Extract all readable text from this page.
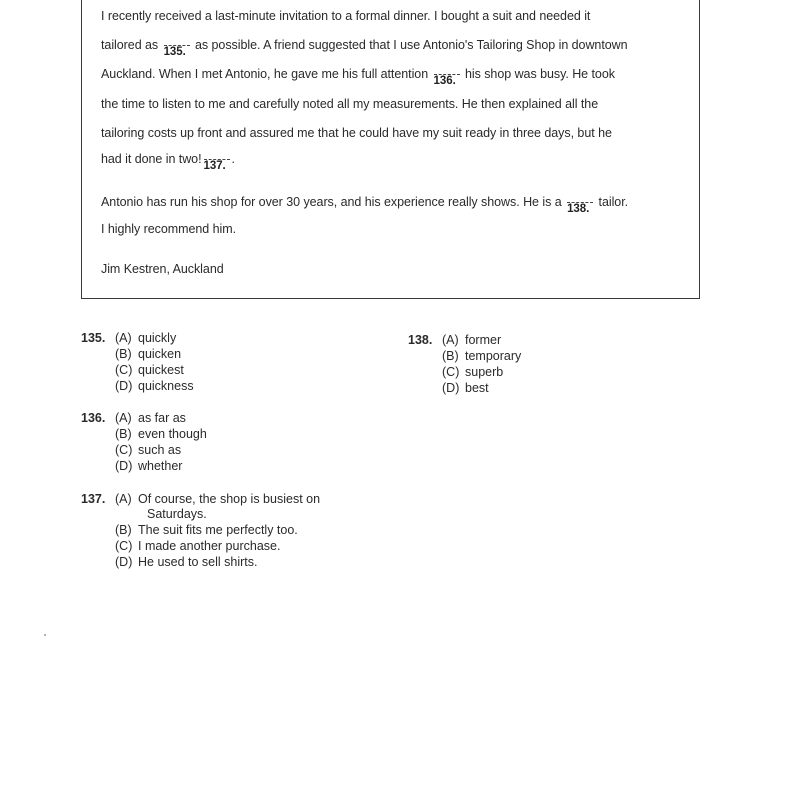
I recently received a last-minute invitation to a formal dinner. I bought a suit and needed it
tailored as 135. as possible. A friend suggested that I use Antonio's Tailoring Shop in downtown
Auckland. When I met Antonio, he gave me his full attention 136. his shop was busy. He took
the time to listen to me and carefully noted all my measurements. He then explained all the
tailoring costs up front and assured me that he could have my suit ready in three days, but he
had it done in two! 137. .
Antonio has run his shop for over 30 years, and his experience really shows. He is a 138. tailor.
I highly recommend him.
Jim Kestren, Auckland
135. (A) quickly
(B) quicken
(C) quickest
(D) quickness
136. (A) as far as
(B) even though
(C) such as
(D) whether
137. (A) Of course, the shop is busiest on
Saturdays.
(B) The suit fits me perfectly too.
(C) I made another purchase.
(D) He used to sell shirts.
138. (A) former
(B) temporary
(C) superb
(D) best
